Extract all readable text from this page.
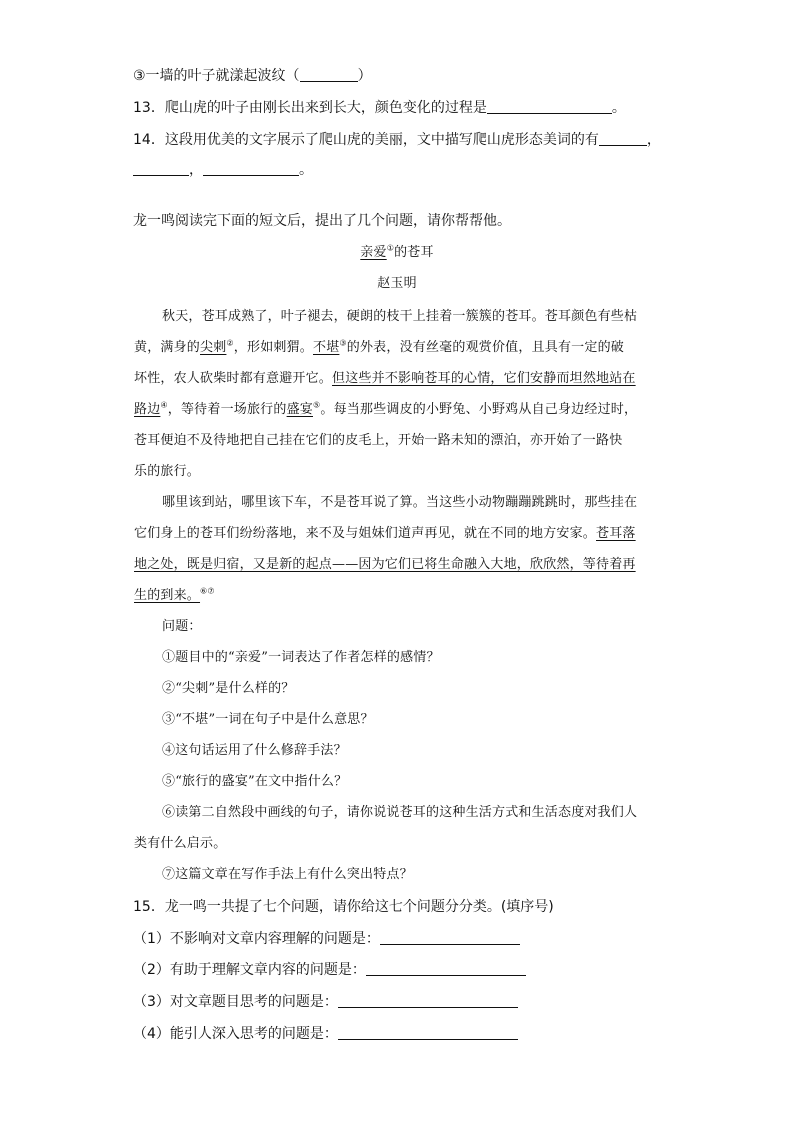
③一墙的叶子就漾起波纹（	）
13．爬山虎的叶子由刚长出来到长大，颜色变化的过程是	。
14．这段用优美的文字展示了爬山虎的美丽，文中描写爬山虎形态美词的有	，
，	。
龙一鸣阅读完下面的短文后，提出了几个问题，请你帮帮他。
亲爱①的苍耳
赵玉明
秋天，苍耳成熟了，叶子褪去，硬朗的枝干上挂着一簇簇的苍耳。苍耳颜色有些枯
黄，满身的尖刺②，形如刺猬。不堪③的外表，没有丝毫的观赏价值，且具有一定的破
坏性，农人砍柴时都有意避开它。但这些并不影响苍耳的心情，它们安静而坦然地站在
路边④，等待着一场旅行的盛宴⑤。每当那些调皮的小野兔、小野鸡从自己身边经过时，
苍耳便迫不及待地把自己挂在它们的皮毛上，开始一路未知的漂泊，亦开始了一路快
乐的旅行。
哪里该到站，哪里该下车，不是苍耳说了算。当这些小动物蹦蹦跳跳时，那些挂在
它们身上的苍耳们纷纷落地，来不及与姐妹们道声再见，就在不同的地方安家。苍耳落
地之处，既是归宿，又是新的起点——因为它们已将生命融入大地，欣欣然，等待着再
生的到来。⑥⑦
问题：
①题目中的“亲爱”一词表达了作者怎样的感情？
②“尖刺”是什么样的？
③“不堪”一词在句子中是什么意思？
④这句话运用了什么修辞手法？
⑤“旅行的盛宴”在文中指什么？
⑥读第二自然段中画线的句子，请你说说苍耳的这种生活方式和生活态度对我们人
类有什么启示。
⑦这篇文章在写作手法上有什么突出特点？
15．龙一鸣一共提了七个问题，请你给这七个问题分分类。(填序号)
（1）不影响对文章内容理解的问题是：
（2）有助于理解文章内容的问题是：
（3）对文章题目思考的问题是：
（4）能引人深入思考的问题是：
